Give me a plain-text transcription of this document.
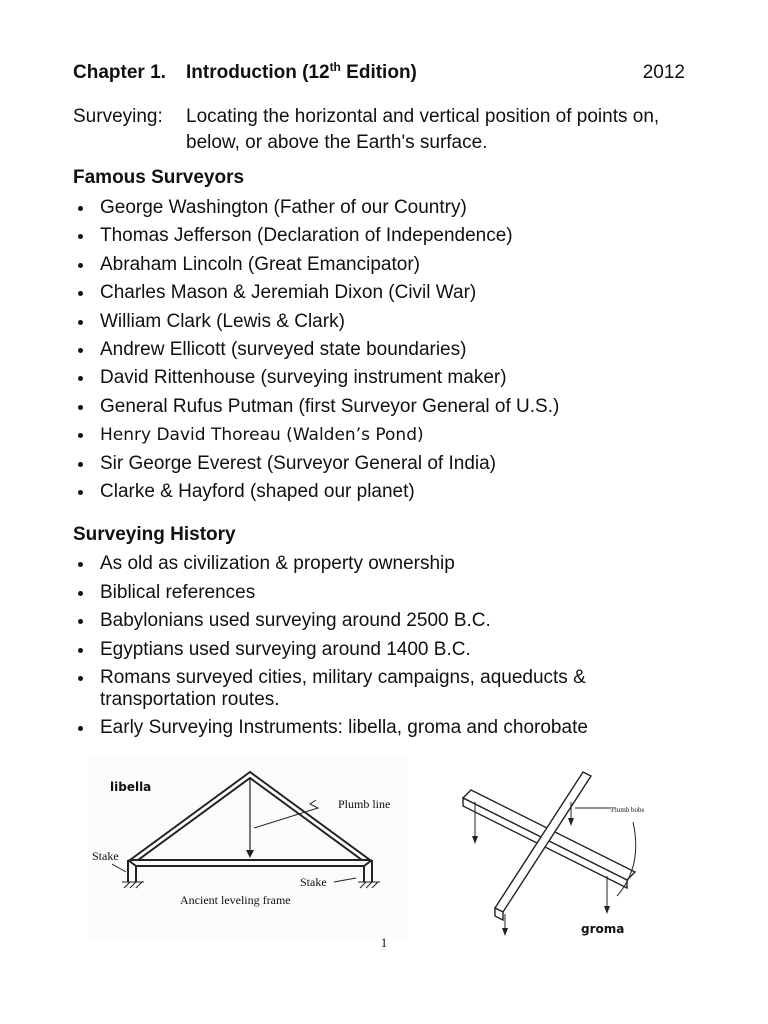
Chapter 1. Introduction (12th Edition)	2012
Surveying: Locating the horizontal and vertical position of points on, below, or above the Earth's surface.
Famous Surveyors
George Washington (Father of our Country)
Thomas Jefferson (Declaration of Independence)
Abraham Lincoln (Great Emancipator)
Charles Mason & Jeremiah Dixon (Civil War)
William Clark (Lewis & Clark)
Andrew Ellicott (surveyed state boundaries)
David Rittenhouse (surveying instrument maker)
General Rufus Putman (first Surveyor General of U.S.)
Henry David Thoreau (Walden’s Pond)
Sir George Everest (Surveyor General of India)
Clarke & Hayford (shaped our planet)
Surveying History
As old as civilization & property ownership
Biblical references
Babylonians used surveying around 2500 B.C.
Egyptians used surveying around 1400 B.C.
Romans surveyed cities, military campaigns, aqueducts & transportation routes.
Early Surveying Instruments: libella, groma and chorobate
libella
Plumb line
Stake
Stake
Ancient leveling frame
Plumb bobs
groma
1
